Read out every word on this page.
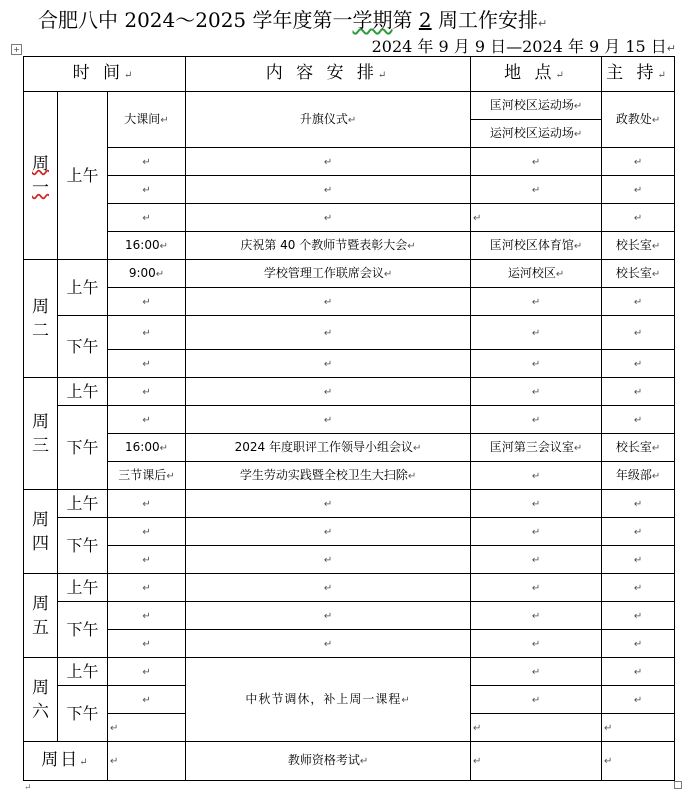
合肥八中 2024～2025 学年度第一学期第 2 周工作安排↵
2024 年 9 月 9 日—2024 年 9 月 15 日↵
+
时 间↵			内 容 安 排↵	地 点↵	主 持↵
周一	上午	大课间↵	升旗仪式↵	匡河校区运动场↵	政教处↵
				运河校区运动场↵	
		↵	↵	↵	↵
		↵	↵	↵	↵
		↵	↵	↵	↵
		16:00↵	庆祝第 40 个教师节暨表彰大会↵	匡河校区体育馆↵	校长室↵
周二	上午	9:00↵	学校管理工作联席会议↵	运河校区↵	校长室↵
		↵	↵	↵	↵
	下午	↵	↵	↵	↵
		↵	↵	↵	↵
周三	上午	↵	↵	↵	↵
	下午	↵	↵	↵	↵
		16:00↵	2024 年度职评工作领导小组会议↵	匡河第三会议室↵	校长室↵
		三节课后↵	学生劳动实践暨全校卫生大扫除↵	↵	年级部↵
周四	上午	↵	↵	↵	↵
	下午	↵	↵	↵	↵
		↵	↵	↵	↵
周五	上午	↵	↵	↵	↵
	下午	↵	↵	↵	↵
		↵	↵	↵	↵
周六	上午	↵	中秋节调休，补上周一课程↵	↵	↵
	下午	↵		↵	↵
		↵		↵	↵
周日↵		↵	教师资格考试↵	↵	↵
↵
